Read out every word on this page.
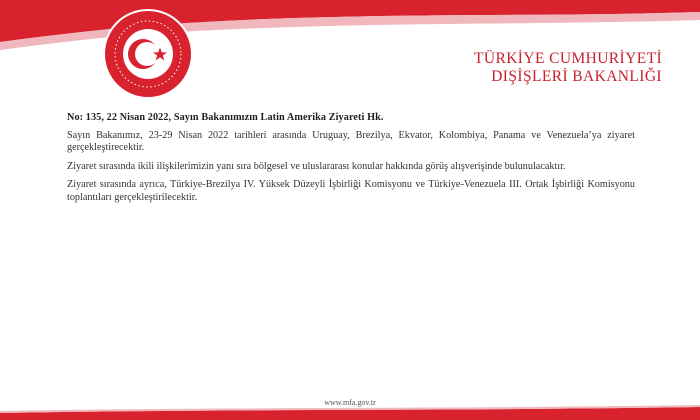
TÜRKİYE CUMHURİYETİ
DIŞİŞLERİ BAKANLIĞI
No: 135, 22 Nisan 2022, Sayın Bakanımızın Latin Amerika Ziyareti Hk.

Sayın Bakanımız, 23-29 Nisan 2022 tarihleri arasında Uruguay, Brezilya, Ekvator, Kolombiya, Panama ve Venezuela’ya ziyaret gerçekleştirecektir.

Ziyaret sırasında ikili ilişkilerimizin yanı sıra bölgesel ve uluslararası konular hakkında görüş alışverişinde bulunulacaktır.

Ziyaret sırasında ayrıca, Türkiye-Brezilya IV. Yüksek Düzeyli İşbirliği Komisyonu ve Türkiye-Venezuela III. Ortak İşbirliği Komisyonu toplantıları gerçekleştirilecektir.

www.mfa.gov.tr
